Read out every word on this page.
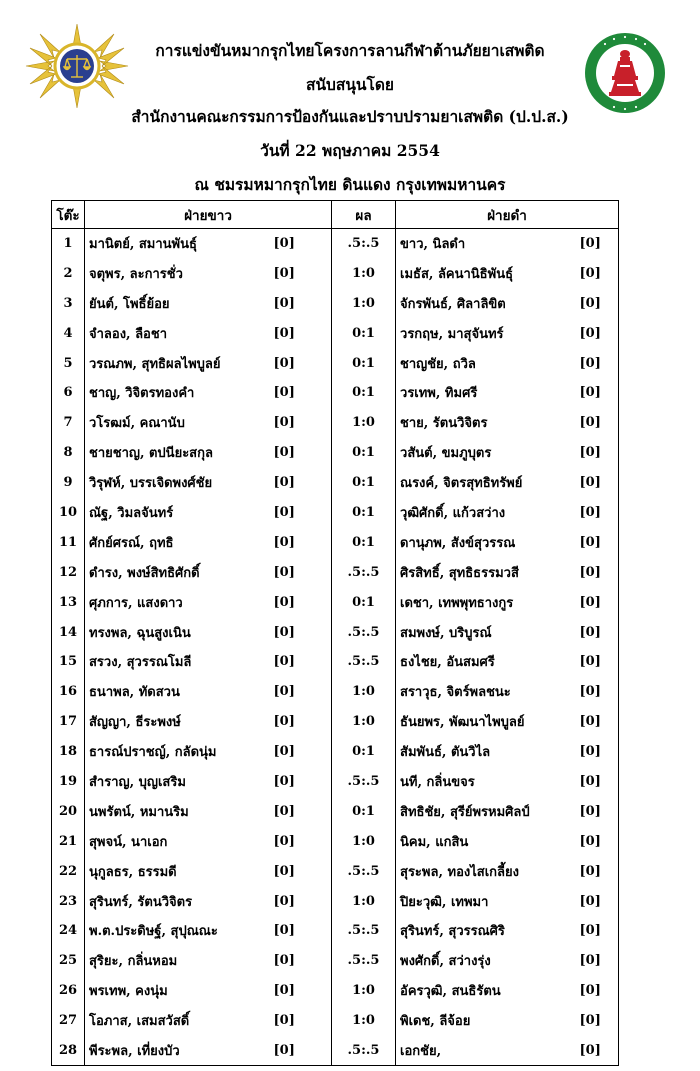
การแข่งขันหมากรุกไทยโครงการลานกีฬาต้านภัยยาเสพติด
สนับสนุนโดย
สำนักงานคณะกรรมการป้องกันและปราบปรามยาเสพติด (ป.ป.ส.)
วันที่ 22 พฤษภาคม 2554
ณ ชมรมหมากรุกไทย ดินแดง กรุงเทพมหานคร
โต๊ะ	ฝ่ายขาว		ผล	ฝ่ายดำ	
1	มานิตย์, สมานพันธุ์	[0]	.5:.5	ขาว, นิลดำ	[0]
2	จตุพร, ละการชั่ว	[0]	1:0	เมธัส, ลัคนานิธิพันธุ์	[0]
3	ยันต์, โพธิ์ย้อย	[0]	1:0	จักรพันธ์, ศิลาลิขิต	[0]
4	จำลอง, ลือชา	[0]	0:1	วรกฤษ, มาสุจันทร์	[0]
5	วรณภพ, สุทธิผลไพบูลย์	[0]	0:1	ชาญชัย, ถวิล	[0]
6	ชาญ, วิจิตรทองคำ	[0]	0:1	วรเทพ, ทิมศรี	[0]
7	วโรฒม์, คณานับ	[0]	1:0	ชาย, รัตนวิจิตร	[0]
8	ชายชาญ, ตปนียะสกุล	[0]	0:1	วสันต์, ขมภูบุตร	[0]
9	วิรุฬห์, บรรเจิดพงศ์ชัย	[0]	0:1	ณรงค์, จิตรสุทธิทรัพย์	[0]
10	ณัฐ, วิมลจันทร์	[0]	0:1	วุฒิศักดิ์, แก้วสว่าง	[0]
11	ศักย์ศรณ์, ฤทธิ	[0]	0:1	ดานุภพ, สังข์สุวรรณ	[0]
12	ดำรง, พงษ์สิทธิศักดิ์	[0]	.5:.5	ศิรสิทธิ์, สุทธิธรรมวสี	[0]
13	ศุภการ, แสงดาว	[0]	0:1	เดชา, เทพพุทธางกูร	[0]
14	ทรงพล, ฉุนสูงเนิน	[0]	.5:.5	สมพงษ์, บริบูรณ์	[0]
15	สรวง, สุวรรณโมลี	[0]	.5:.5	ธงไชย, อันสมศรี	[0]
16	ธนาพล, ทัดสวน	[0]	1:0	สราวุธ, จิตร์พลชนะ	[0]
17	สัญญา, ธีระพงษ์	[0]	1:0	ธันยพร, พัฒนาไพบูลย์	[0]
18	ธารณ์ปราชญ์, กลัดนุ่ม	[0]	0:1	สัมพันธ์, ตันวิไล	[0]
19	สำราญ, บุญเสริม	[0]	.5:.5	นที, กลิ่นขจร	[0]
20	นพรัตน์, หมานริม	[0]	0:1	สิทธิชัย, สุรีย์พรหมศิลป์	[0]
21	สุพจน์, นาเอก	[0]	1:0	นิคม, แกสิน	[0]
22	นุกูลธร, ธรรมดี	[0]	.5:.5	สุระพล, ทองไสเกลี้ยง	[0]
23	สุรินทร์, รัตนวิจิตร	[0]	1:0	ปิยะวุฒิ, เทพมา	[0]
24	พ.ต.ประดิษฐ์, สุปุณณะ	[0]	.5:.5	สุรินทร์, สุวรรณศิริ	[0]
25	สุริยะ, กลิ่นหอม	[0]	.5:.5	พงศักดิ์, สว่างรุ่ง	[0]
26	พรเทพ, คงนุ่ม	[0]	1:0	อัครวุฒิ, สนธิรัตน	[0]
27	โอภาส, เสมสวัสดิ์	[0]	1:0	พิเดช, ลีจ้อย	[0]
28	พีระพล, เที่ยงบัว	[0]	.5:.5	เอกชัย,	[0]
